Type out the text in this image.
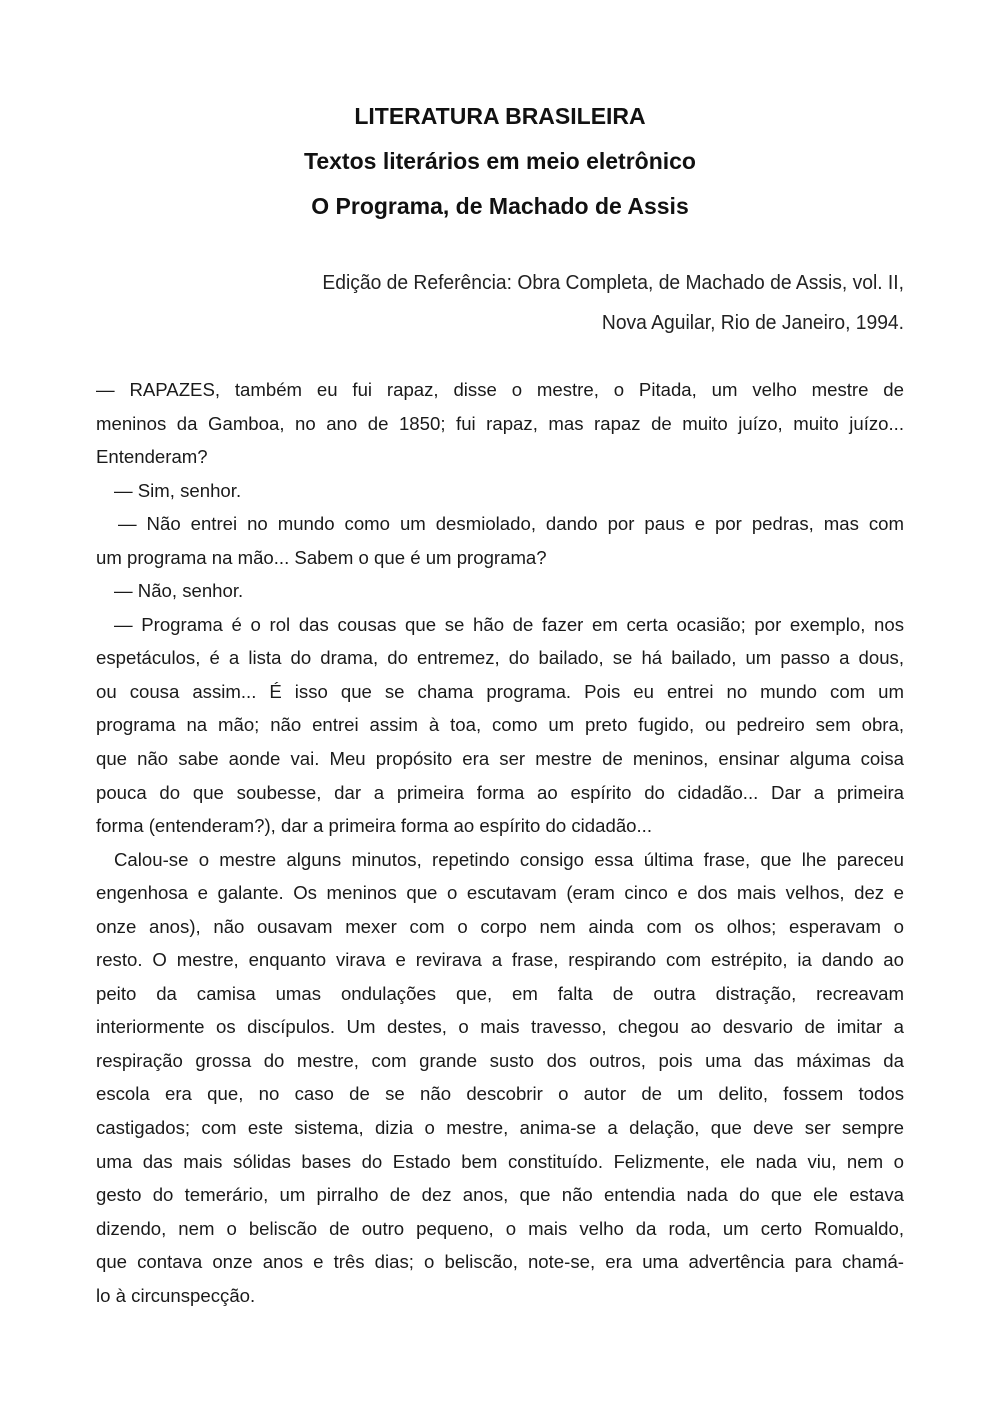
LITERATURA BRASILEIRA
Textos literários em meio eletrônico
O Programa, de Machado de Assis
Edição de Referência: Obra Completa, de Machado de Assis, vol. II,
Nova Aguilar, Rio de Janeiro, 1994.
— RAPAZES, também eu fui rapaz, disse o mestre, o Pitada, um velho mestre de
meninos da Gamboa, no ano de 1850; fui rapaz, mas rapaz de muito juízo, muito juízo...
Entenderam?
— Sim, senhor.
— Não entrei no mundo como um desmiolado, dando por paus e por pedras, mas com
um programa na mão... Sabem o que é um programa?
— Não, senhor.
— Programa é o rol das cousas que se hão de fazer em certa ocasião; por exemplo, nos
espetáculos, é a lista do drama, do entremez, do bailado, se há bailado, um passo a dous,
ou cousa assim... É isso que se chama programa. Pois eu entrei no mundo com um
programa na mão; não entrei assim à toa, como um preto fugido, ou pedreiro sem obra,
que não sabe aonde vai. Meu propósito era ser mestre de meninos, ensinar alguma coisa
pouca do que soubesse, dar a primeira forma ao espírito do cidadão... Dar a primeira
forma (entenderam?), dar a primeira forma ao espírito do cidadão...
Calou-se o mestre alguns minutos, repetindo consigo essa última frase, que lhe pareceu
engenhosa e galante. Os meninos que o escutavam (eram cinco e dos mais velhos, dez e
onze anos), não ousavam mexer com o corpo nem ainda com os olhos; esperavam o
resto. O mestre, enquanto virava e revirava a frase, respirando com estrépito, ia dando ao
peito da camisa umas ondulações que, em falta de outra distração, recreavam
interiormente os discípulos. Um destes, o mais travesso, chegou ao desvario de imitar a
respiração grossa do mestre, com grande susto dos outros, pois uma das máximas da
escola era que, no caso de se não descobrir o autor de um delito, fossem todos
castigados; com este sistema, dizia o mestre, anima-se a delação, que deve ser sempre
uma das mais sólidas bases do Estado bem constituído. Felizmente, ele nada viu, nem o
gesto do temerário, um pirralho de dez anos, que não entendia nada do que ele estava
dizendo, nem o beliscão de outro pequeno, o mais velho da roda, um certo Romualdo,
que contava onze anos e três dias; o beliscão, note-se, era uma advertência para chamá-
lo à circunspecção.
